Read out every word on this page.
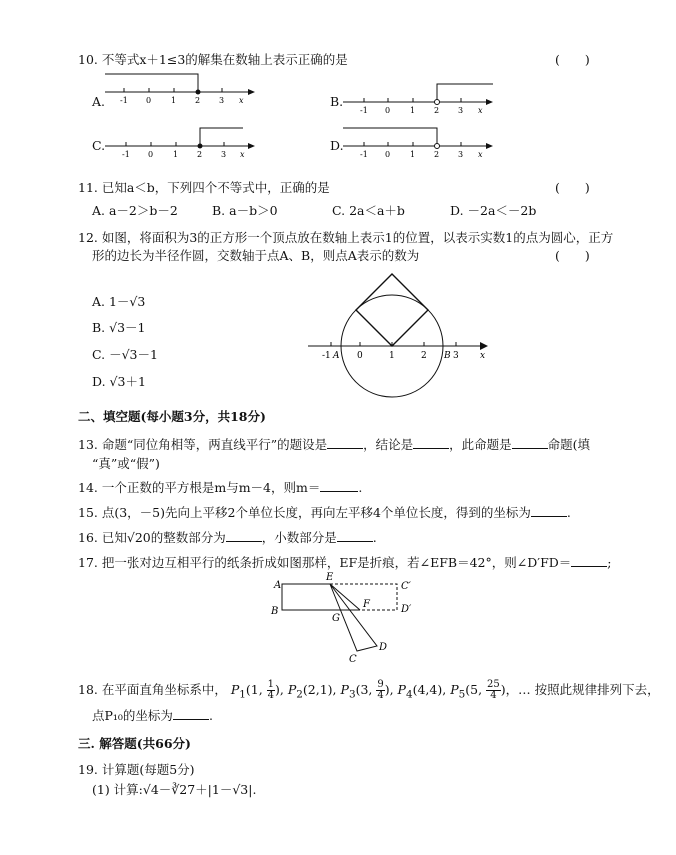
10. 不等式x＋1≤3的解集在数轴上表示正确的是	(　　)
A.	B.
C.	D.
-1 0 1 2 3 x
-1 0 1 2 3 x
-1 0 1 2 3 x	-1 0 1 2 3 x
11. 已知a＜b，下列四个不等式中，正确的是	(　　)
A. a－2＞b－2	B. a－b＞0	C. 2a＜a＋b	D. －2a＜－2b
12. 如图，将面积为3的正方形一个顶点放在数轴上表示1的位置，以表示实数1的点为圆心，正方
形的边长为半径作圆，交数轴于点A、B，则点A表示的数为	(　　)
A. 1－√3
B. √3－1
C. －√3－1
D. √3＋1
-1 A 0	1	2 B 3 x
二、填空题(每小题3分，共18分)
13. 命题“同位角相等，两直线平行”的题设是	，结论是	，此命题是	命题(填
“真”或“假”)
14. 一个正数的平方根是m与m－4，则m＝	.
15. 点(3，－5)先向上平移2个单位长度，再向左平移4个单位长度，得到的坐标为	.
16. 已知√20的整数部分为	，小数部分是	.
17. 把一张对边互相平行的纸条折成如图那样，EF是折痕，若∠EFB＝42°，则∠D′FD＝	;
A
E
C′
B
G
F	D′
C
D
18. 在平面直角坐标系中， $P_1(1$, $\frac{1}{4}$ ), $P_2(2,1)$, $P_3(3$, $\frac{9}{4}$ ), $P_4(4,4)$, $P_5(5$, $\frac{25}{4}$ )，… 按照此规律排列下去，
点P₁₀的坐标为	.
三. 解答题(共66分)
19. 计算题(每题5分)
(1) 计算:√4－∛27＋|1－√3|.
